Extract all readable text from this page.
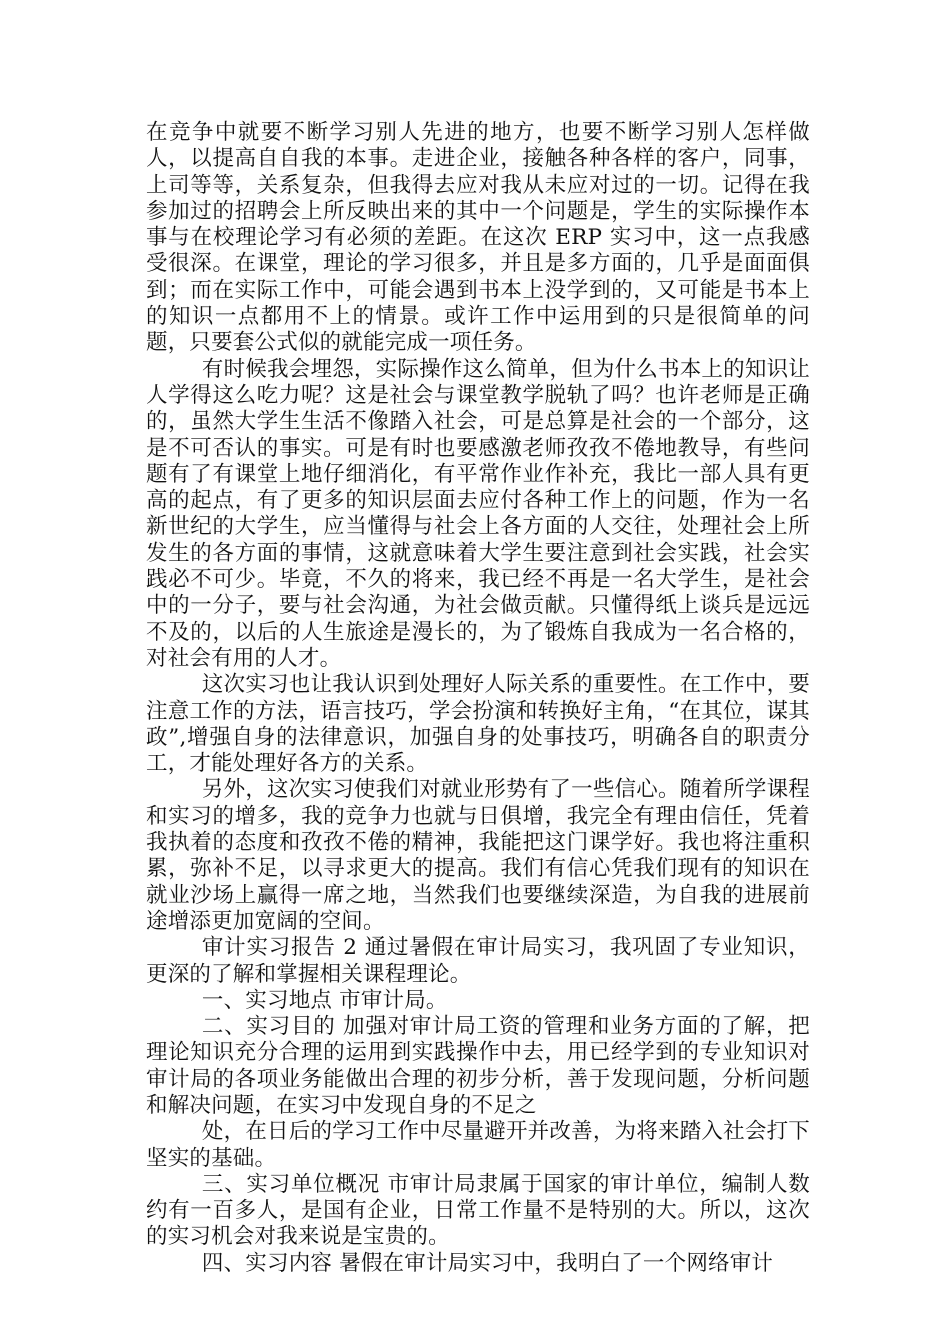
在竞争中就要不断学习别人先进的地方，也要不断学习别人怎样做人，以提高自自我的本事。走进企业，接触各种各样的客户，同事，上司等等，关系复杂，但我得去应对我从未应对过的一切。记得在我参加过的招聘会上所反映出来的其中一个问题是，学生的实际操作本事与在校理论学习有必须的差距。在这次 ERP 实习中，这一点我感受很深。在课堂，理论的学习很多，并且是多方面的，几乎是面面俱到；而在实际工作中，可能会遇到书本上没学到的，又可能是书本上的知识一点都用不上的情景。或许工作中运用到的只是很简单的问题，只要套公式似的就能完成一项任务。

有时候我会埋怨，实际操作这么简单，但为什么书本上的知识让人学得这么吃力呢？这是社会与课堂教学脱轨了吗？也许老师是正确的，虽然大学生生活不像踏入社会，可是总算是社会的一个部分，这是不可否认的事实。可是有时也要感激老师孜孜不倦地教导，有些问题有了有课堂上地仔细消化，有平常作业作补充，我比一部人具有更高的起点，有了更多的知识层面去应付各种工作上的问题，作为一名新世纪的大学生，应当懂得与社会上各方面的人交往，处理社会上所发生的各方面的事情，这就意味着大学生要注意到社会实践，社会实践必不可少。毕竟，不久的将来，我已经不再是一名大学生，是社会中的一分子，要与社会沟通，为社会做贡献。只懂得纸上谈兵是远远不及的，以后的人生旅途是漫长的，为了锻炼自我成为一名合格的，对社会有用的人才。

这次实习也让我认识到处理好人际关系的重要性。在工作中，要注意工作的方法，语言技巧，学会扮演和转换好主角，“在其位，谋其政”,增强自身的法律意识，加强自身的处事技巧，明确各自的职责分工，才能处理好各方的关系。

另外，这次实习使我们对就业形势有了一些信心。随着所学课程和实习的增多，我的竞争力也就与日俱增，我完全有理由信任，凭着我执着的态度和孜孜不倦的精神，我能把这门课学好。我也将注重积累，弥补不足，以寻求更大的提高。我们有信心凭我们现有的知识在就业沙场上赢得一席之地，当然我们也要继续深造，为自我的进展前途增添更加宽阔的空间。

审计实习报告 2 通过暑假在审计局实习，我巩固了专业知识，更深的了解和掌握相关课程理论。

一、实习地点 市审计局。

二、实习目的 加强对审计局工资的管理和业务方面的了解，把理论知识充分合理的运用到实践操作中去，用已经学到的专业知识对审计局的各项业务能做出合理的初步分析，善于发现问题，分析问题和解决问题，在实习中发现自身的不足之

处，在日后的学习工作中尽量避开并改善，为将来踏入社会打下坚实的基础。

三、实习单位概况 市审计局隶属于国家的审计单位，编制人数约有一百多人，是国有企业，日常工作量不是特别的大。所以，这次的实习机会对我来说是宝贵的。

四、实习内容 暑假在审计局实习中，我明白了一个网络审计
